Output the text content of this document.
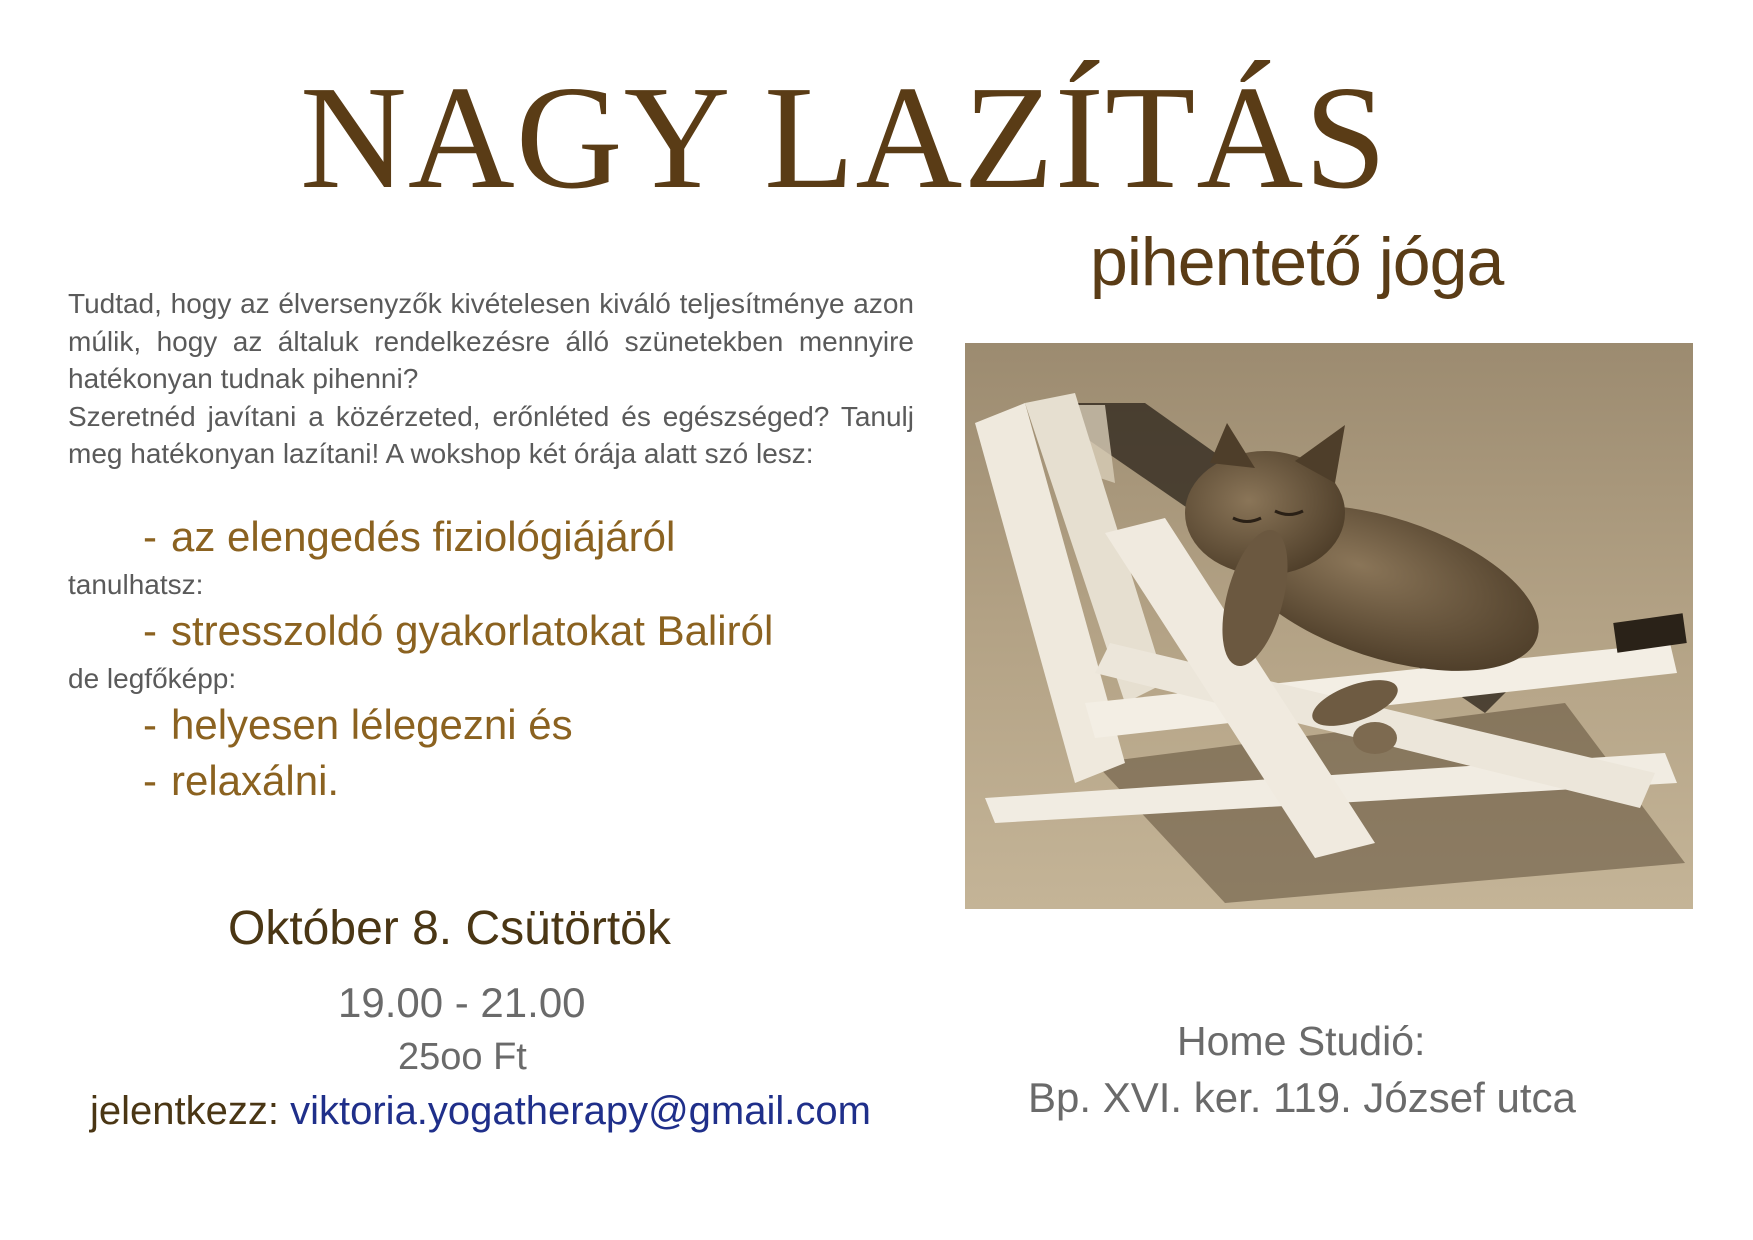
NAGY LAZÍTÁS
pihentető jóga

Tudtad, hogy az élversenyzők kivételesen kiváló teljesítménye azon múlik, hogy az általuk rendelkezésre álló szünetekben mennyire hatékonyan tudnak pihenni?

Szeretnéd javítani a közérzeted, erőnléted és egészséged? Tanulj meg hatékonyan lazítani! A wokshop két órája alatt szó lesz:

- az elengedés fiziológiájáról
tanulhatsz:
- stresszoldó gyakorlatokat Baliról
de legfőképp:
- helyesen lélegezni és
- relaxálni.
Október 8. Csütörtök
19.00 - 21.00
25oo Ft
jelentkezz: viktoria.yogatherapy@gmail.com
Home Studió:
Bp. XVI. ker. 119. József utca
